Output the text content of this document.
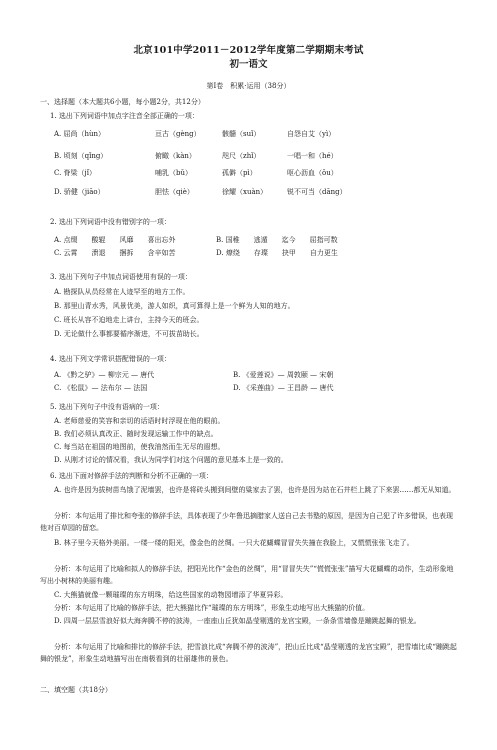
北京101中学2011－2012学年度第二学期期末考试
初一语文
第Ⅰ卷　积累·运用（38分）
一、选择题（本大题共6小题，每小题2分，共12分）
1. 选出下列词语中加点字注音全部正确的一项：
A. 屈尚（hùn）	亘古（gèng）	骸髓（suǐ）	自怨自艾（yì）
B. 顷刻（qǐng）	俯瞰（kàn）	咫尺（zhǐ）	一唱一和（hé）
C. 脊梁（jǐ）	哺乳（bǔ）	孤僻（pì）	呕心沥血（ǒu）
D. 骄健（jiāo）	胆怯（qiè）	徐耀（xuàn）	锐不可当（dāng）
2. 选出下列词语中没有错别字的一项：
A. 点缀　　酸辊　　风靡　　喜出忘外	B. 国稚　　逃遁　　迄今　　屈指可数
C. 云霄　　溃退　　捆拆　　含辛如苦	D. 燎绕　　存璨　　抉甲　　自力更生
3. 选出下列句子中加点词语使用有误的一项：
A. 勘探队从员经常在人迹罕至的地方工作。
B. 那里山青水秀，风景优美，游人如织，真可算得上是一个鲜为人知的地方。
C. 班长从容不迫地走上讲台，主持今天的班会。
D. 无论做什么事都要循序渐进，不可拔苗助长。
4. 选出下列文学常识搭配错误的一项：
A. 《黔之驴》— 柳宗元 — 唐代	B. 《爱莲说》— 周敦颐 — 宋朝
C. 《松鼠》— 法布尔 — 法国	D. 《采莲曲》— 王昌龄 — 唐代
5. 选出下列句子中没有语病的一项：
A. 老师慈爱的笑容和亲切的话语时时浮现在他的眼前。
B. 我们必须认真改正、随时发现运输工作中的缺点。
C. 每当站在祖国的地图前，使我油然而生无尽的遐想。
D. 从刚才讨论的情况看，我认为同学们对这个问题的意见基本上是一致的。
6. 选出下面对修辞手法的判断和分析不正确的一项：
A. 也许是因为拔树苗鸟饿了泥墙罢，也许是将砖头搬到间壁的粱家去了罢，也许是因为站在石井栏上跳了下来罢……都无从知道。
分析：本句运用了排比和夸张的修辞手法，具体表现了少年鲁迅摘腊家人送自己去书塾的原因，是因为自己犯了许多错误，也表现他对百草园的留恋。
B. 林子里今天格外美丽。一缕一缕的阳光，像金色的丝绸。一只大花蝴蝶冒冒失失撞在我脸上，又慌慌张张飞走了。
分析：本句运用了比喻和拟人的修辞手法，把阳光比作“金色的丝绸”，用“冒冒失失”“慌慌张张”描写大花蝴蝶的动作，生动形象地写出小树林的美丽有趣。
C. 大熊猫就像一颗璀璨的东方明珠，给这些国家的动物园增添了华夏异彩。
分析：本句运用了比喻的修辞手法，把大熊猫比作“璀璨的东方明珠”，形象生动地写出大熊猫的价值。
D. 四周一层层雪浪好似大海奔腾不停的波涛，一座座山丘犹如晶莹剔透的龙宫宝殿，一条条雪墙像是蹦跳起舞的银龙。
分析：本句运用了比喻和排比的修辞手法，把雪浪比成“奔腾不停的波涛”，把山丘比成“晶莹剔透的龙宫宝殿”，把雪墙比成“蹦跳起舞的银龙”，形象生动地描写出在南极看到的壮丽雄伟的景色。
二、填空题（共18分）
